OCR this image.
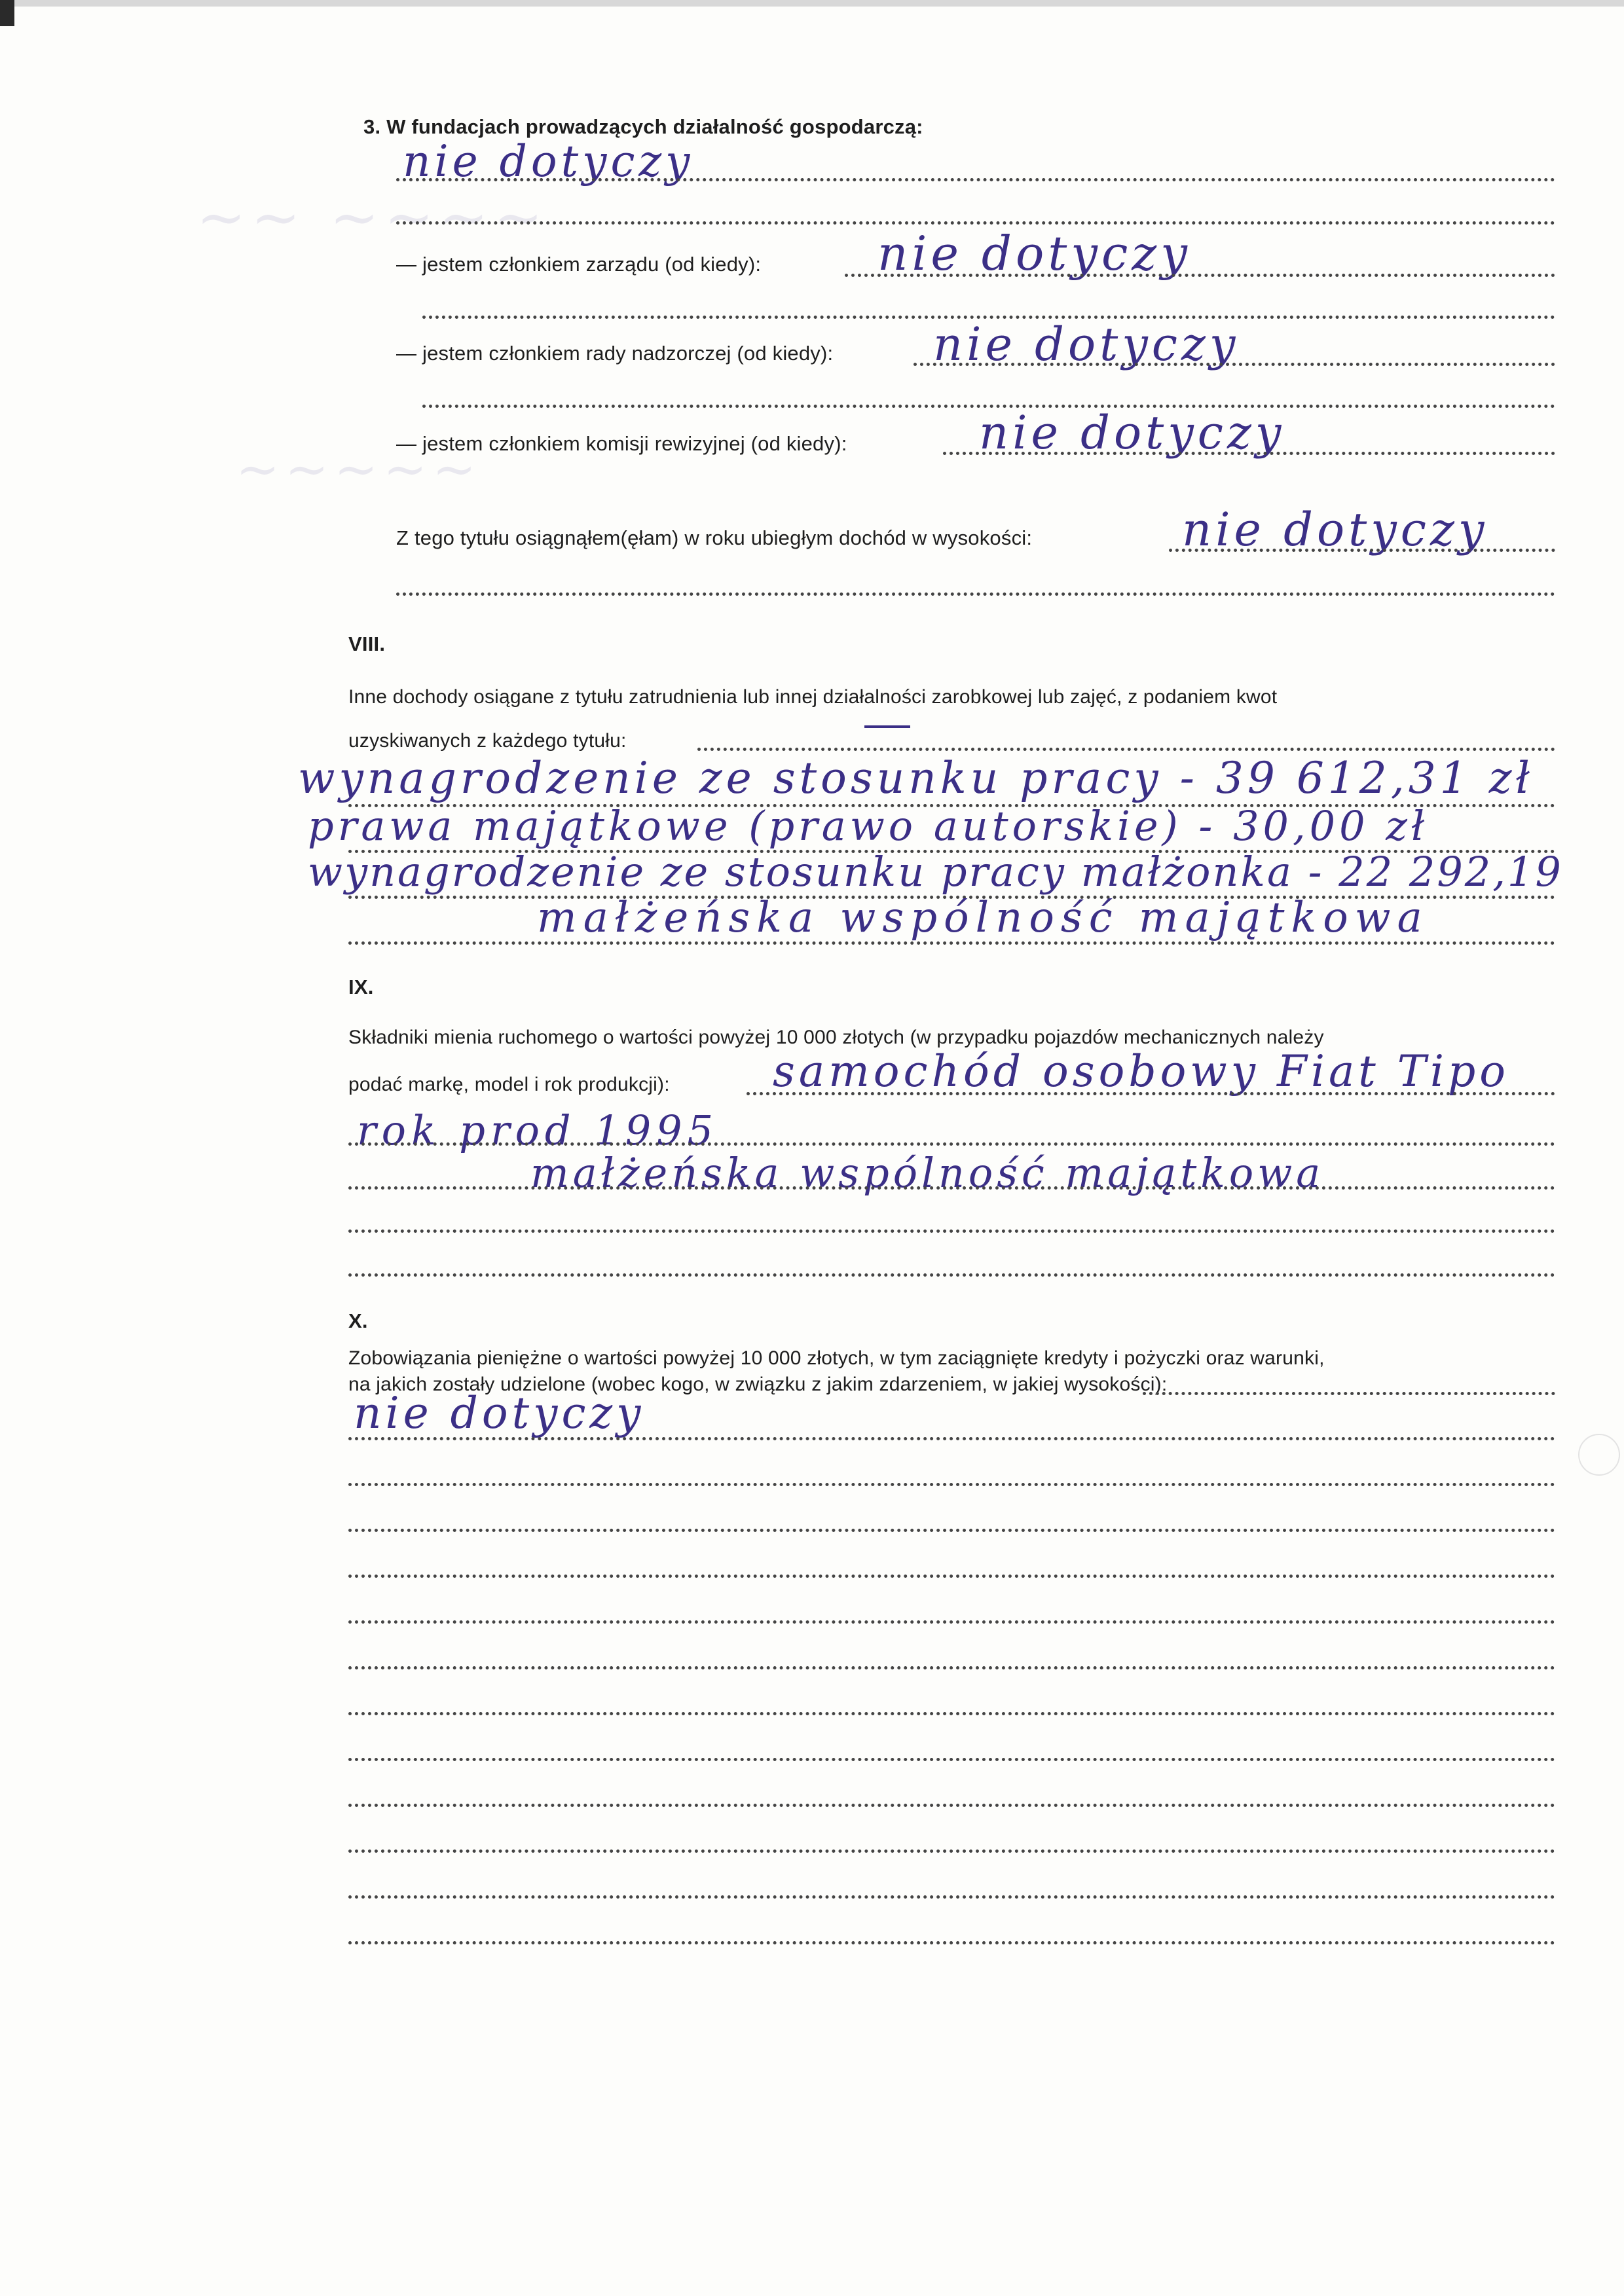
~~ ~~~~
~~~~~
3. W fundacjach prowadzących działalność gospodarczą:
nie dotyczy
— jestem członkiem zarządu (od kiedy): nie dotyczy
— jestem członkiem rady nadzorczej (od kiedy): nie dotyczy
— jestem członkiem komisji rewizyjnej (od kiedy):	nie dotyczy
Z tego tytułu osiągnąłem(ęłam) w roku ubiegłym dochód w wysokości:	nie dotyczy
VIII.
Inne dochody osiągane z tytułu zatrudnienia lub innej działalności zarobkowej lub zajęć, z podaniem kwot
uzyskiwanych z każdego tytułu:
wynagrodzenie ze stosunku pracy - 39 612,31 zł
prawa majątkowe (prawo autorskie) - 30,00 zł
wynagrodzenie ze stosunku pracy małżonka - 22 292,19
małżeńska wspólność majątkowa
IX.
Składniki mienia ruchomego o wartości powyżej 10 000 złotych (w przypadku pojazdów mechanicznych należy
podać markę, model i rok produkcji): samochód osobowy Fiat Tipo
rok prod 1995
małżeńska wspólność majątkowa
X.
Zobowiązania pieniężne o wartości powyżej 10 000 złotych, w tym zaciągnięte kredyty i pożyczki oraz warunki,
na jakich zostały udzielone (wobec kogo, w związku z jakim zdarzeniem, w jakiej wysokości):
nie dotyczy
